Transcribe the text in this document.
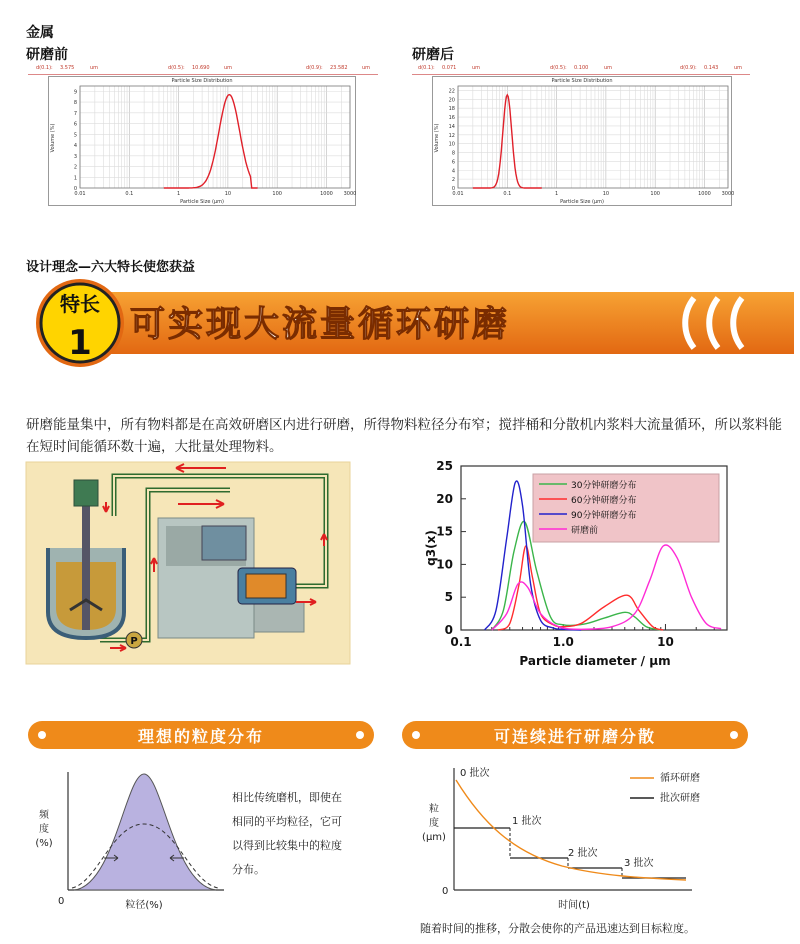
金属
研磨前	研磨后
d(0.1): 3.575	um	d(0.5): 10.690	um	d(0.9): 23.582	um
Particle Size Distribution
0
1
2
3
4
5
6
7
8
9
0.01	0.1	1	10	100	1000 3000
Particle Size (μm)
Volume (%)
d(0.1): 0.071	um	d(0.5): 0.100	um	d(0.9): 0.143	um
Particle Size Distribution
0
2
4
6
8
10
12
14
16
18
20
22
0.01	0.1	1	10	100	1000 3000
Particle Size (μm)
Volume (%)
设计理念—六大特长使您获益
特长
1 可实现大流量循环研磨
研磨能量集中，所有物料都是在高效研磨区内进行研磨，所得物料粒径分布窄；搅拌桶和分散机内浆料大流量循环，所以浆料能在短时间能循环数十遍，大批量处理物料。
P
0
5
10
15
20
25
0.1	1.0	10
q3(x)
Particle diameter / μm
30分钟研磨分布
60分钟研磨分布
90分钟研磨分布
研磨前
理想的粒度分布
频
度
(%)
0	粒径(%)
相比传统磨机，即使在
相同的平均粒径，它可
以得到比较集中的粒度
分布。
可连续进行研磨分散
粒
度
(μm)
0 批次
1 批次
2 批次
3 批次
0
时间(t)
循环研磨
批次研磨
随着时间的推移，分散会使你的产品迅速达到目标粒度。
